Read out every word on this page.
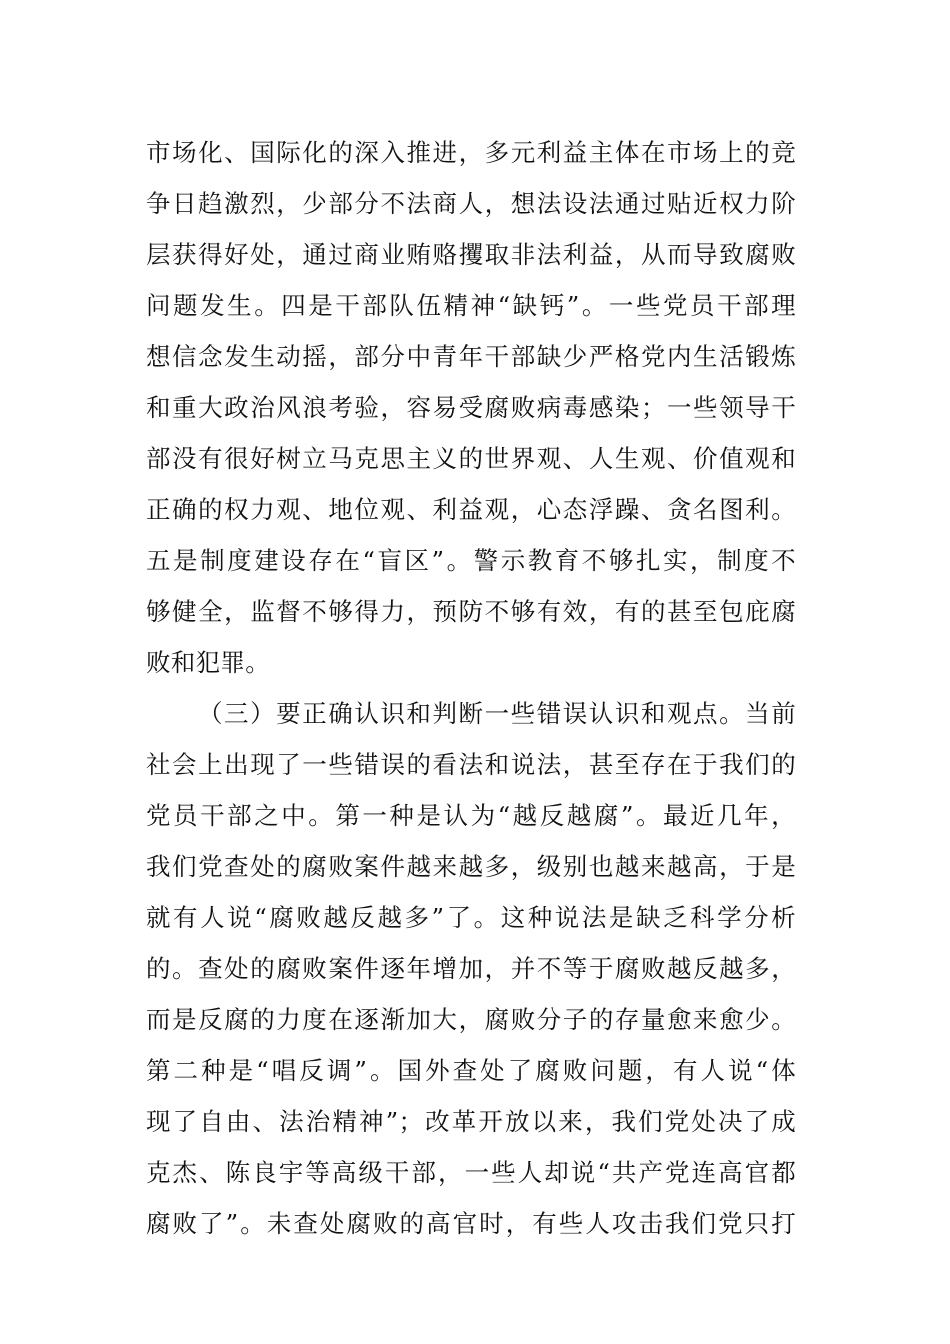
市场化、国际化的深入推进，多元利益主体在市场上的竞
争日趋激烈，少部分不法商人，想法设法通过贴近权力阶
层获得好处，通过商业贿赂攫取非法利益，从而导致腐败
问题发生。四是干部队伍精神“缺钙”。一些党员干部理
想信念发生动摇，部分中青年干部缺少严格党内生活锻炼
和重大政治风浪考验，容易受腐败病毒感染；一些领导干
部没有很好树立马克思主义的世界观、人生观、价值观和
正确的权力观、地位观、利益观，心态浮躁、贪名图利。
五是制度建设存在“盲区”。警示教育不够扎实，制度不
够健全，监督不够得力，预防不够有效，有的甚至包庇腐
败和犯罪。
（三）要正确认识和判断一些错误认识和观点。当前
社会上出现了一些错误的看法和说法，甚至存在于我们的
党员干部之中。第一种是认为“越反越腐”。最近几年，
我们党查处的腐败案件越来越多，级别也越来越高，于是
就有人说“腐败越反越多”了。这种说法是缺乏科学分析
的。查处的腐败案件逐年增加，并不等于腐败越反越多，
而是反腐的力度在逐渐加大，腐败分子的存量愈来愈少。
第二种是“唱反调”。国外查处了腐败问题，有人说“体
现了自由、法治精神”；改革开放以来，我们党处决了成
克杰、陈良宇等高级干部，一些人却说“共产党连高官都
腐败了”。未查处腐败的高官时，有些人攻击我们党只打
